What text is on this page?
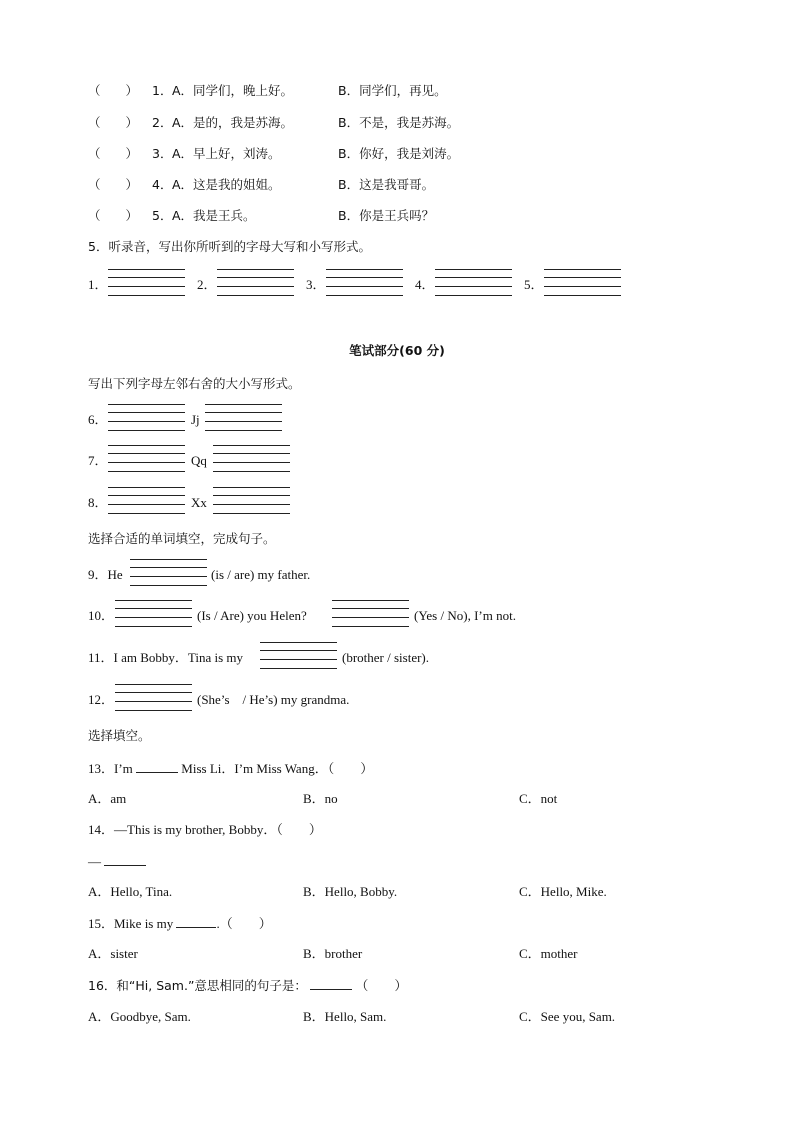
（　　） 1． A．同学们，晚上好。	B．同学们，再见。
（　　） 2． A．是的，我是苏海。	B．不是，我是苏海。
（　　） 3． A．早上好，刘涛。	B．你好，我是刘涛。
（　　） 4． A．这是我的姐姐。	B．这是我哥哥。
（　　） 5． A．我是王兵。	B．你是王兵吗？
5．听录音，写出你所听到的字母大写和小写形式。
1．	2．	3．	4．	5．
笔试部分(60 分)
写出下列字母左邻右舍的大小写形式。
6．	Jj
7．	Qq
8．	Xx
选择合适的单词填空，完成句子。
9．He	(is / are) my father.
10．	(Is / Are) you Helen?	(Yes / No), I’m not.
11．I am Bobby．Tina is my	(brother / sister).
12．	(She’s　/ He’s) my grandma.
选择填空。
13．I’m	Miss Li．I’m Miss Wang．（　　）
A．am	B．no	C．not
14．—This is my brother, Bobby．（　　）
—
A．Hello, Tina.	B．Hello, Bobby.	C．Hello, Mike.
15．Mike is my	.（　　）
A．sister	B．brother	C．mother
16．和“Hi, Sam.”意思相同的句子是：	（　　）
A．Goodbye, Sam.	B．Hello, Sam.	C．See you, Sam.
